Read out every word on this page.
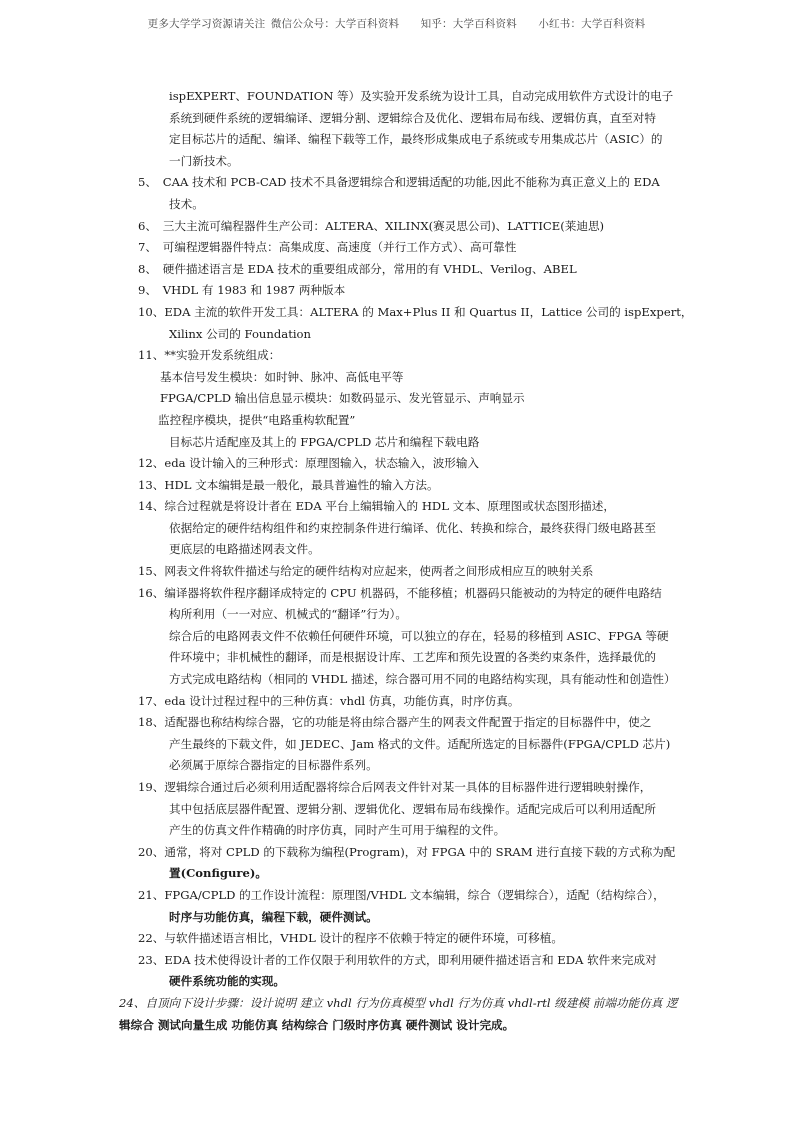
更多大学学习资源请关注 微信公众号：大学百科资料　　知乎：大学百科资料　　小红书：大学百科资料
ispEXPERT、FOUNDATION 等）及实验开发系统为设计工具，自动完成用软件方式设计的电子
系统到硬件系统的逻辑编译、逻辑分割、逻辑综合及优化、逻辑布局布线、逻辑仿真，直至对特
定目标芯片的适配、编译、编程下载等工作，最终形成集成电子系统或专用集成芯片（ASIC）的
一门新技术。
5、　CAA 技术和 PCB-CAD 技术不具备逻辑综合和逻辑适配的功能,因此不能称为真正意义上的 EDA
技术。
6、　三大主流可编程器件生产公司：ALTERA、XILINX(赛灵思公司)、LATTICE(莱迪思)
7、　可编程逻辑器件特点：高集成度、高速度（并行工作方式）、高可靠性
8、　硬件描述语言是 EDA 技术的重要组成部分，常用的有 VHDL、Verilog、ABEL
9、　VHDL 有 1983 和 1987 两种版本
10、EDA 主流的软件开发工具：ALTERA 的 Max+Plus II 和 Quartus II，Lattice 公司的 ispExpert，
Xilinx 公司的 Foundation
11、**实验开发系统组成：
基本信号发生模块：如时钟、脉冲、高低电平等
FPGA/CPLD 输出信息显示模块：如数码显示、发光管显示、声响显示
监控程序模块，提供“电路重构软配置”
目标芯片适配座及其上的 FPGA/CPLD 芯片和编程下载电路
12、eda 设计输入的三种形式：原理图输入，状态输入，波形输入
13、HDL 文本编辑是最一般化，最具普遍性的输入方法。
14、综合过程就是将设计者在 EDA 平台上编辑输入的 HDL 文本、原理图或状态图形描述，
依据给定的硬件结构组件和约束控制条件进行编译、优化、转换和综合，最终获得门级电路甚至
更底层的电路描述网表文件。
15、网表文件将软件描述与给定的硬件结构对应起来，使两者之间形成相应互的映射关系
16、编译器将软件程序翻译成特定的 CPU 机器码，不能移植；机器码只能被动的为特定的硬件电路结
构所利用（一一对应、机械式的“翻译”行为）。
综合后的电路网表文件不依赖任何硬件环境，可以独立的存在，轻易的移植到 ASIC、FPGA 等硬
件环境中；非机械性的翻译，而是根据设计库、工艺库和预先设置的各类约束条件，选择最优的
方式完成电路结构（相同的 VHDL 描述，综合器可用不同的电路结构实现，具有能动性和创造性）
17、eda 设计过程过程中的三种仿真：vhdl 仿真，功能仿真，时序仿真。
18、适配器也称结构综合器，它的功能是将由综合器产生的网表文件配置于指定的目标器件中，使之
产生最终的下载文件，如 JEDEC、Jam 格式的文件。适配所选定的目标器件(FPGA/CPLD 芯片)
必须属于原综合器指定的目标器件系列。
19、逻辑综合通过后必须利用适配器将综合后网表文件针对某一具体的目标器件进行逻辑映射操作，
其中包括底层器件配置、逻辑分割、逻辑优化、逻辑布局布线操作。适配完成后可以利用适配所
产生的仿真文件作精确的时序仿真，同时产生可用于编程的文件。
20、通常，将对 CPLD 的下载称为编程(Program)，对 FPGA 中的 SRAM 进行直接下载的方式称为配
置(Configure)。
21、FPGA/CPLD 的工作设计流程：原理图/VHDL 文本编辑，综合（逻辑综合），适配（结构综合），
时序与功能仿真，编程下载，硬件测试。
22、与软件描述语言相比，VHDL 设计的程序不依赖于特定的硬件环境，可移植。
23、EDA 技术使得设计者的工作仅限于利用软件的方式，即利用硬件描述语言和 EDA 软件来完成对
硬件系统功能的实现。
24、自顶向下设计步骤：设计说明 建立 vhdl 行为仿真模型 vhdl 行为仿真 vhdl-rtl 级建模 前端功能仿真 逻
辑综合 测试向量生成 功能仿真 结构综合 门级时序仿真 硬件测试 设计完成。
